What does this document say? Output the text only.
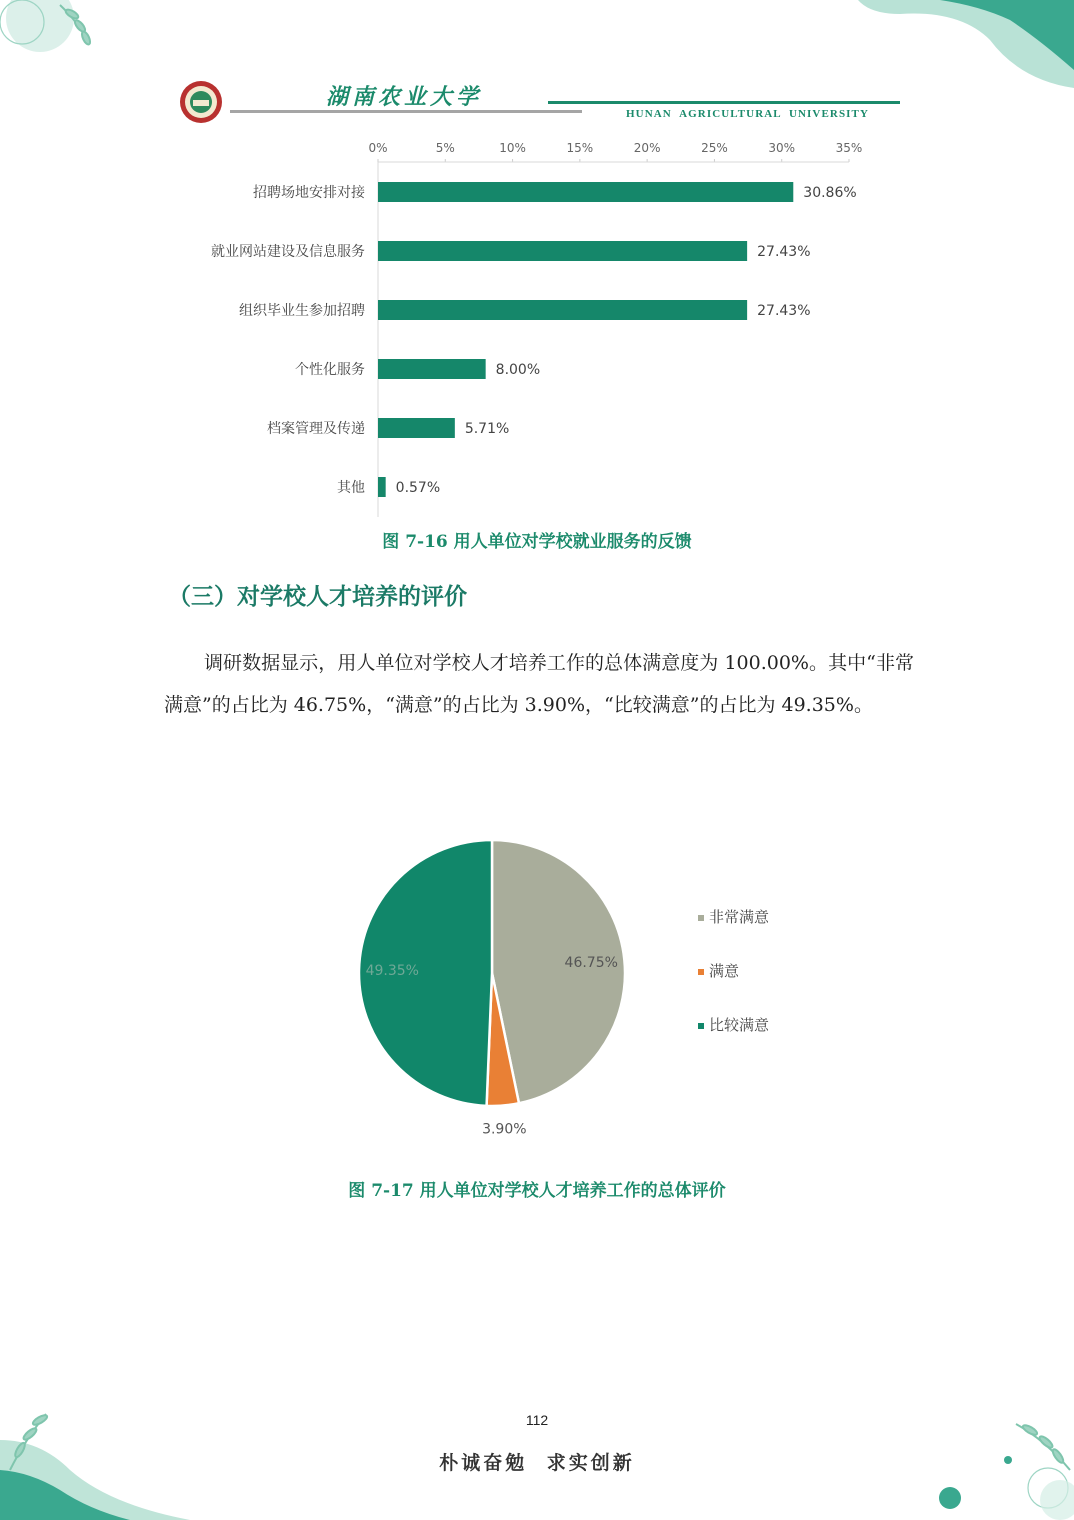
湖南农业大学
HUNAN AGRICULTURAL UNIVERSITY
0%	5%	10%	15%	20%	25%	30%	35%
招聘场地安排对接	30.86%
就业网站建设及信息服务	27.43%
组织毕业生参加招聘	27.43%
个性化服务	8.00%
档案管理及传递	5.71%
其他 0.57%
图 7-16 用人单位对学校就业服务的反馈
（三）对学校人才培养的评价
调研数据显示，用人单位对学校人才培养工作的总体满意度为 100.00%。其中“非常满意”的占比为 46.75%，“满意”的占比为 3.90%，“比较满意”的占比为 49.35%。
46.75%
3.90%
49.35%
非常满意
满意
比较满意
图 7-17 用人单位对学校人才培养工作的总体评价
112
朴诚奋勉 求实创新
